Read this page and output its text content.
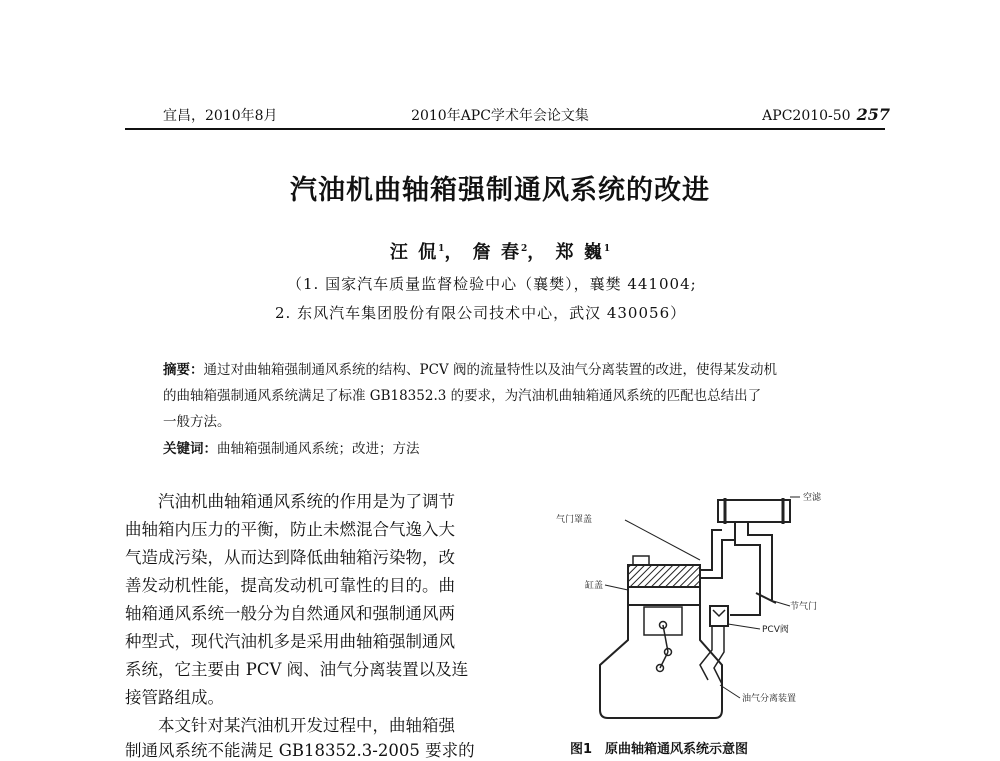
宜昌，2010年8月	2010年APC学术年会论文集	APC2010-50 257
汽油机曲轴箱强制通风系统的改进
汪 侃$^1$， 詹 春$^2$， 郑 巍$^1$
（1. 国家汽车质量监督检验中心（襄樊），襄樊 441004;
2. 东风汽车集团股份有限公司技术中心，武汉 430056）
摘要：通过对曲轴箱强制通风系统的结构、PCV 阀的流量特性以及油气分离装置的改进，使得某发动机
的曲轴箱强制通风系统满足了标准 GB18352.3 的要求，为汽油机曲轴箱通风系统的匹配也总结出了
一般方法。
关键词：曲轴箱强制通风系统；改进；方法
　　汽油机曲轴箱通风系统的作用是为了调节
曲轴箱内压力的平衡，防止未燃混合气逸入大
气造成污染，从而达到降低曲轴箱污染物，改
善发动机性能，提高发动机可靠性的目的。曲
轴箱通风系统一般分为自然通风和强制通风两
种型式，现代汽油机多是采用曲轴箱强制通风
系统，它主要由 PCV 阀、油气分离装置以及连
接管路组成。
　　本文针对某汽油机开发过程中，曲轴箱强
制通风系统不能满足 GB18352.3-2005 要求的
气门罩盖
空滤
缸盖
节气门
PCV阀
油气分离装置
图1　原曲轴箱通风系统示意图
